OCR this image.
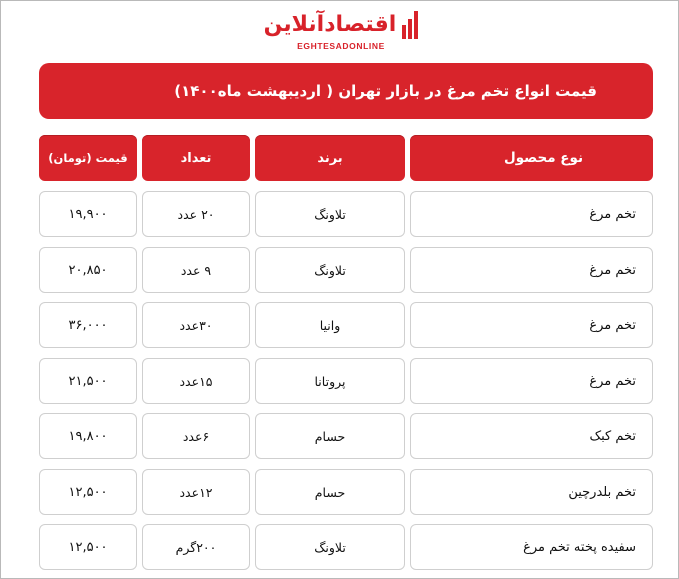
اقتصادآنلاین
EGHTESADONLINE
قیمت انواع تخم مرغ در بازار تهران ( اردیبهشت ماه۱۴۰۰)
قیمت (تومان)	تعداد	برند	نوع محصول
۱۹,۹۰۰	۲۰ عدد	تلاونگ	تخم مرغ
۲۰,۸۵۰	۹ عدد	تلاونگ	تخم مرغ
۳۶,۰۰۰	۳۰عدد	وانیا	تخم مرغ
۲۱,۵۰۰	۱۵عدد	پروتانا	تخم مرغ
۱۹,۸۰۰	۶عدد	حسام	تخم کبک
۱۲,۵۰۰	۱۲عدد	حسام	تخم بلدرچین
۱۲,۵۰۰	۲۰۰گرم	تلاونگ	سفیده پخته تخم مرغ
